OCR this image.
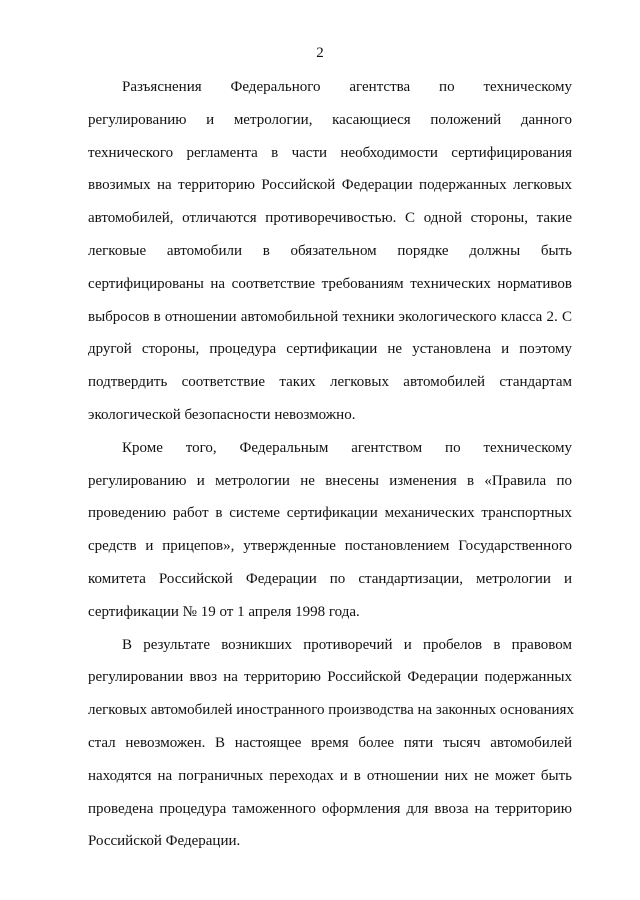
2

Разъяснения Федерального агентства по техническому
регулированию и метрологии, касающиеся положений данного
технического регламента в части необходимости сертифицирования
ввозимых на территорию Российской Федерации подержанных легковых
автомобилей, отличаются противоречивостью. С одной стороны, такие
легковые автомобили в обязательном порядке должны быть
сертифицированы на соответствие требованиям технических нормативов
выбросов в отношении автомобильной техники экологического класса 2. С
другой стороны, процедура сертификации не установлена и поэтому
подтвердить соответствие таких легковых автомобилей стандартам
экологической безопасности невозможно.

Кроме того, Федеральным агентством по техническому
регулированию и метрологии не внесены изменения в «Правила по
проведению работ в системе сертификации механических транспортных
средств и прицепов», утвержденные постановлением Государственного
комитета Российской Федерации по стандартизации, метрологии и
сертификации № 19 от 1 апреля 1998 года.

В результате возникших противоречий и пробелов в правовом
регулировании ввоз на территорию Российской Федерации подержанных
легковых автомобилей иностранного производства на законных основаниях
стал невозможен. В настоящее время более пяти тысяч автомобилей
находятся на пограничных переходах и в отношении них не может быть
проведена процедура таможенного оформления для ввоза на территорию
Российской Федерации.
